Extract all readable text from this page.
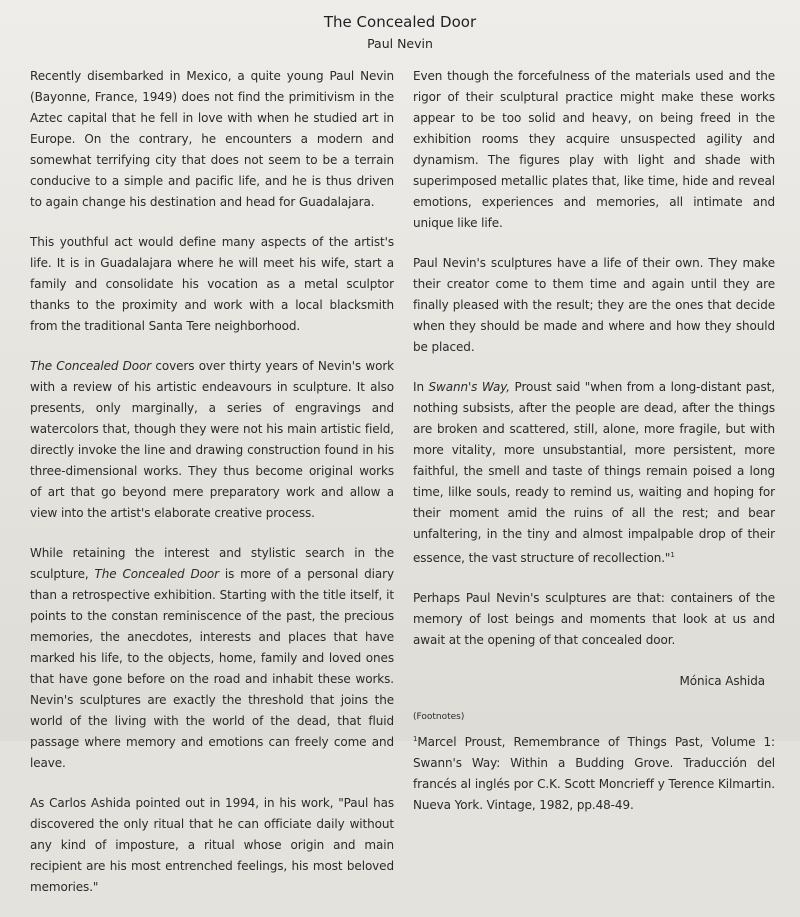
The Concealed Door
Paul Nevin

Recently disembarked in Mexico, a quite young Paul Nevin (Bayonne, France, 1949) does not find the primitivism in the Aztec capital that he fell in love with when he studied art in Europe. On the contrary, he encounters a modern and somewhat terrifying city that does not seem to be a terrain conducive to a simple and pacific life, and he is thus driven to again change his destination and head for Guadalajara.

This youthful act would define many aspects of the artist's life. It is in Guadalajara where he will meet his wife, start a family and consolidate his vocation as a metal sculptor thanks to the proximity and work with a local blacksmith from the traditional Santa Tere neighborhood.

The Concealed Door covers over thirty years of Nevin's work with a review of his artistic endeavours in sculpture. It also presents, only marginally, a series of engravings and watercolors that, though they were not his main artistic field, directly invoke the line and drawing construction found in his three-dimensional works. They thus become original works of art that go beyond mere preparatory work and allow a view into the artist's elaborate creative process.

While retaining the interest and stylistic search in the sculpture, The Concealed Door is more of a personal diary than a retrospective exhibition. Starting with the title itself, it points to the constan reminiscence of the past, the precious memories, the anecdotes, interests and places that have marked his life, to the objects, home, family and loved ones that have gone before on the road and inhabit these works. Nevin's sculptures are exactly the threshold that joins the world of the living with the world of the dead, that fluid passage where memory and emotions can freely come and leave.

As Carlos Ashida pointed out in 1994, in his work, "Paul has discovered the only ritual that he can officiate daily without any kind of imposture, a ritual whose origin and main recipient are his most entrenched feelings, his most beloved memories."

Even though the forcefulness of the materials used and the rigor of their sculptural practice might make these works appear to be too solid and heavy, on being freed in the exhibition rooms they acquire unsuspected agility and dynamism. The figures play with light and shade with superimposed metallic plates that, like time, hide and reveal emotions, experiences and memories, all intimate and unique like life.

Paul Nevin's sculptures have a life of their own. They make their creator come to them time and again until they are finally pleased with the result; they are the ones that decide when they should be made and where and how they should be placed.

In Swann's Way, Proust said "when from a long-distant past, nothing subsists, after the people are dead, after the things are broken and scattered, still, alone, more fragile, but with more vitality, more unsubstantial, more persistent, more faithful, the smell and taste of things remain poised a long time, lilke souls, ready to remind us, waiting and hoping for their moment amid the ruins of all the rest; and bear unfaltering, in the tiny and almost impalpable drop of their essence, the vast structure of recollection."$^1$

Perhaps Paul Nevin's sculptures are that: containers of the memory of lost beings and moments that look at us and await at the opening of that concealed door.

Mónica Ashida

(Footnotes)

$^1$Marcel Proust, Remembrance of Things Past, Volume 1: Swann's Way: Within a Budding Grove. Traducción del francés al inglés por C.K. Scott Moncrieff y Terence Kilmartin. Nueva York. Vintage, 1982, pp.48-49.
